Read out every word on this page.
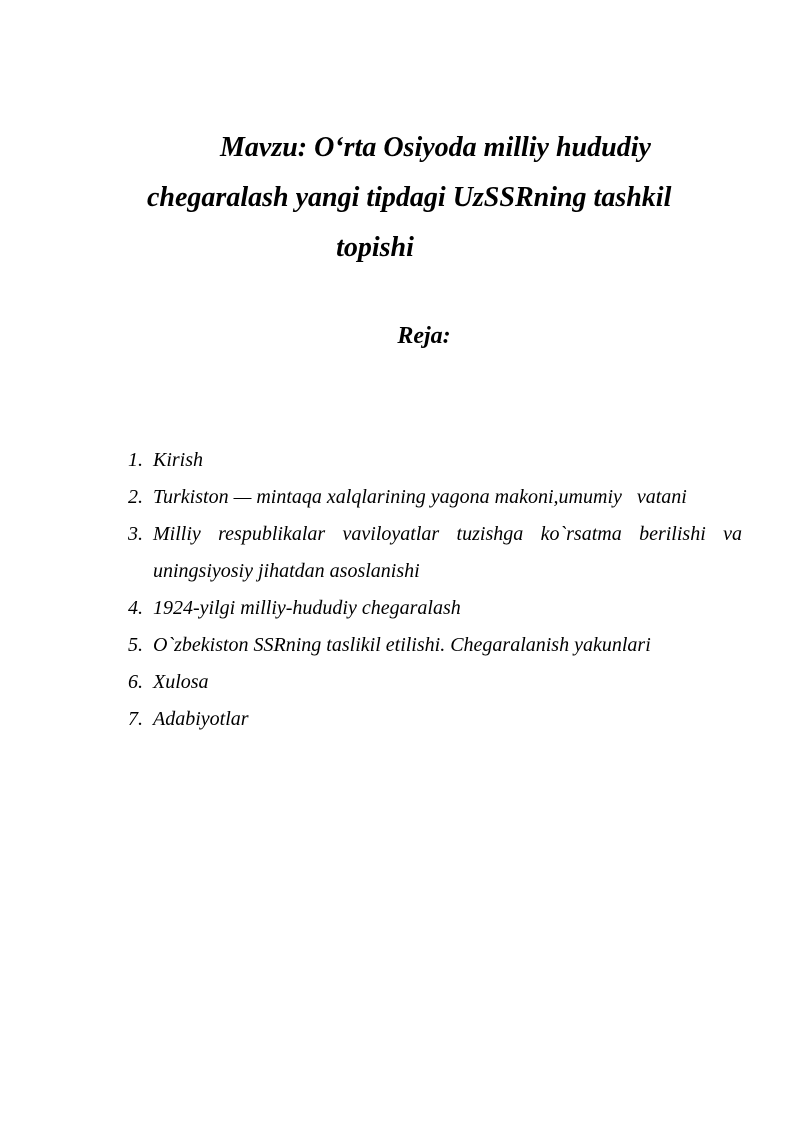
Mavzu: O‘rta Osiyoda milliy hududiy
chegaralash yangi tipdagi UzSSRning tashkil
topishi
Reja:
1. Kirish
2. Turkiston — mintaqa xalqlarining yagona makoni,umumiy   vatani
3. Milliy respublikalar vaviloyatlar tuzishga ko`rsatma berilishi va uningsiyosiy jihatdan asoslanishi
4. 1924-yilgi milliy-hududiy chegaralash
5. O`zbekiston SSRning taslikil etilishi. Chegaralanish yakunlari
6. Xulosa
7. Adabiyotlar
